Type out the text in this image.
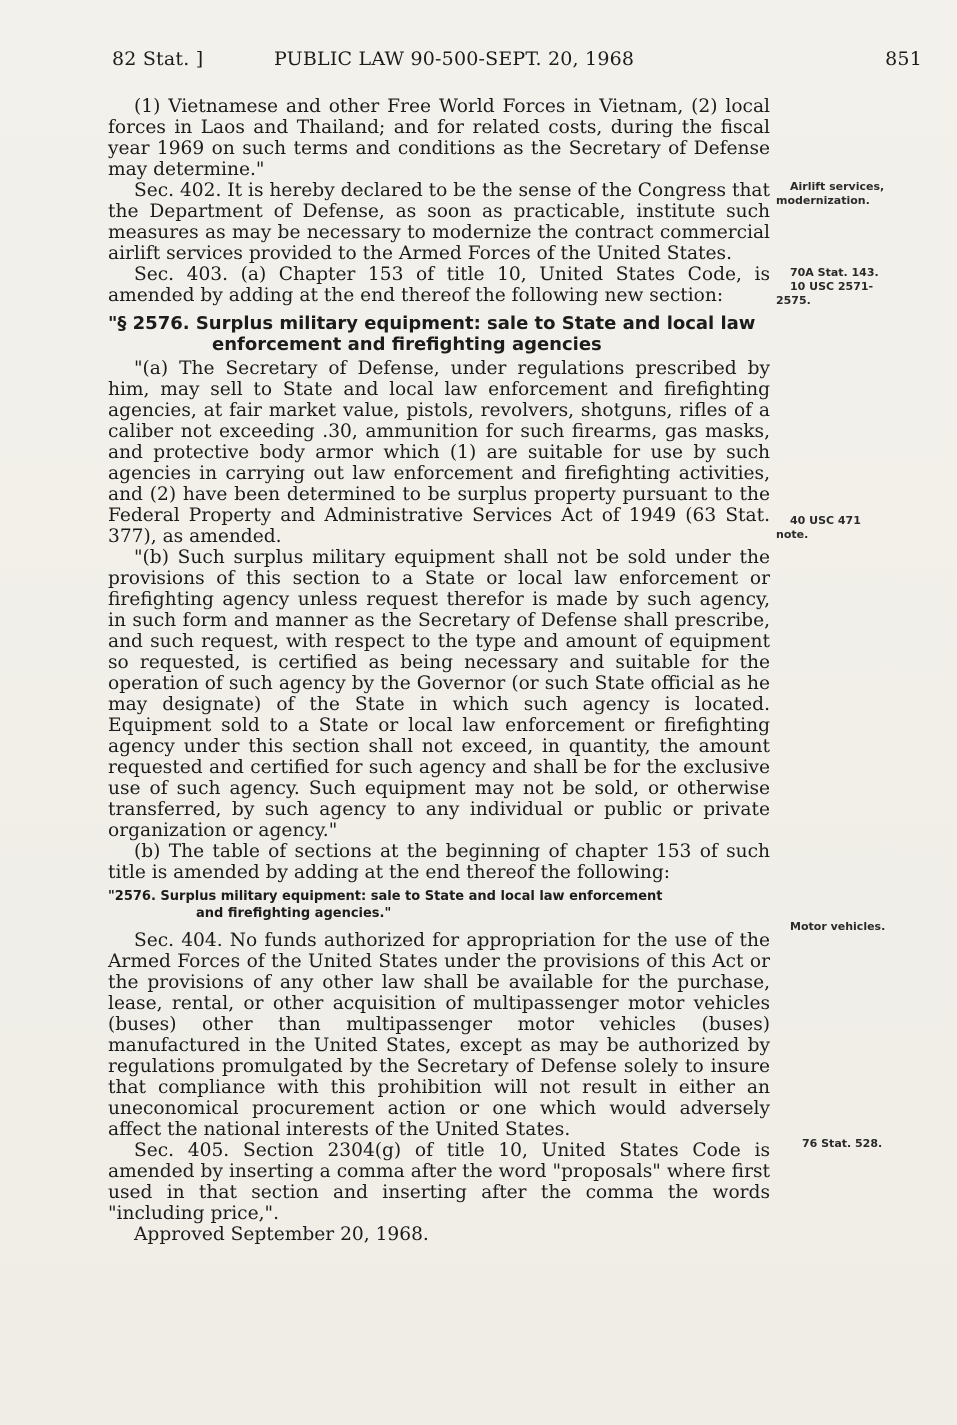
82 Stat. ]	PUBLIC LAW 90-500-SEPT. 20, 1968	851

(1) Vietnamese and other Free World Forces in Vietnam, (2) local forces in Laos and Thailand; and for related costs, during the fiscal year 1969 on such terms and conditions as the Secretary of Defense may determine."

Sec. 402. It is hereby declared to be the sense of the Congress that the Department of Defense, as soon as practicable, institute such measures as may be necessary to modernize the contract commercial airlift services provided to the Armed Forces of the United States.

Sec. 403. (a) Chapter 153 of title 10, United States Code, is amended by adding at the end thereof the following new section:

"§ 2576. Surplus military equipment: sale to State and local law
enforcement and firefighting agencies

"(a) The Secretary of Defense, under regulations prescribed by him, may sell to State and local law enforcement and firefighting agencies, at fair market value, pistols, revolvers, shotguns, rifles of a caliber not exceeding .30, ammunition for such firearms, gas masks, and protective body armor which (1) are suitable for use by such agencies in carrying out law enforcement and firefighting activities, and (2) have been determined to be surplus property pursuant to the Federal Property and Administrative Services Act of 1949 (63 Stat. 377), as amended.

"(b) Such surplus military equipment shall not be sold under the provisions of this section to a State or local law enforcement or firefighting agency unless request therefor is made by such agency, in such form and manner as the Secretary of Defense shall prescribe, and such request, with respect to the type and amount of equipment so requested, is certified as being necessary and suitable for the operation of such agency by the Governor (or such State official as he may designate) of the State in which such agency is located. Equipment sold to a State or local law enforcement or firefighting agency under this section shall not exceed, in quantity, the amount requested and certified for such agency and shall be for the exclusive use of such agency. Such equipment may not be sold, or otherwise transferred, by such agency to any individual or public or private organization or agency."

(b) The table of sections at the beginning of chapter 153 of such title is amended by adding at the end thereof the following:

"2576. Surplus military equipment: sale to State and local law enforcement
and firefighting agencies."

Sec. 404. No funds authorized for appropriation for the use of the Armed Forces of the United States under the provisions of this Act or the provisions of any other law shall be available for the purchase, lease, rental, or other acquisition of multipassenger motor vehicles (buses) other than multipassenger motor vehicles (buses) manufactured in the United States, except as may be authorized by regulations promulgated by the Secretary of Defense solely to insure that compliance with this prohibition will not result in either an uneconomical procurement action or one which would adversely affect the national interests of the United States.

Sec. 405. Section 2304(g) of title 10, United States Code is amended by inserting a comma after the word "proposals" where first used in that section and inserting after the comma the words "including price,".

Approved September 20, 1968.

Airlift services,
modernization.
70A Stat. 143.
10 USC 2571-
2575.
40 USC 471
note.
Motor vehicles.
76 Stat. 528.
